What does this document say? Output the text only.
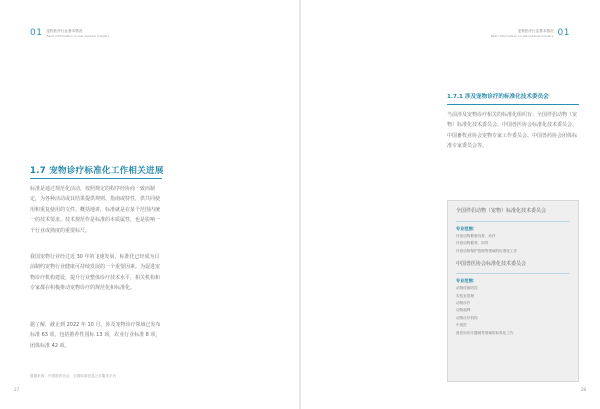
01 宠物医疗行业基本情况
Basic Information on pet medical industry	01
宠物医疗行业基本情况
Basic Information on pet medical industry
1.7 宠物诊疗标准化工作相关进展

标准是通过规范化活动，按照规定的程序经协商一致而制定，为各种活动或其结果提供规则、指南或特性，供共同使用和重复使用的文件。概括地讲，标准就是在某个范围内统一的技术要求。技术规范作是标准的本质属性，也是影响一个行业成熟度的重要标尺。

我国宠物行业经过近 30 年的飞速发展，标准化已经成为目前制约宠物行业健康可持续发展的一个重要因素。为促进宠物诊疗机构建设，提升行业整体诊疗技术水平，相关机构和专家都在积极推动宠物诊疗的规范化和标准化。

据了解，截止到 2022 年 10 月，涉及宠物诊疗领域已发布标准 63 项，包括推荐性国标 13 项，农业行业标准 8 项，团体标准 42 项。

数据来源：中国兽医协会、全国标准信息公共服务平台
27
1.7.1 涉及宠物诊疗的标准化技术委员会

当前涉及宠物诊疗相关的标准化组织有：全国伴侣动物（宠物）标准化技术委员会、中国兽医协会标准化技术委员会、中国畜牧业协会宠物专家工作委员会、中国兽药协会团体标准专家委员会等。

全国伴侣动物（宠物）标准化技术委员会
专业范围：
伴侣动物繁殖饲养、诊疗
伴侣动物繁养、训导
伴侣动物保护管理等领域的标准化工作
中国兽医协会标准化技术委员会
专业范围：
动物疫病防控
实验室管理
动物诊疗
动物福利
动物诊疗机构
中兽医
兽医用诊疗器械等领域的标准化工作
28
